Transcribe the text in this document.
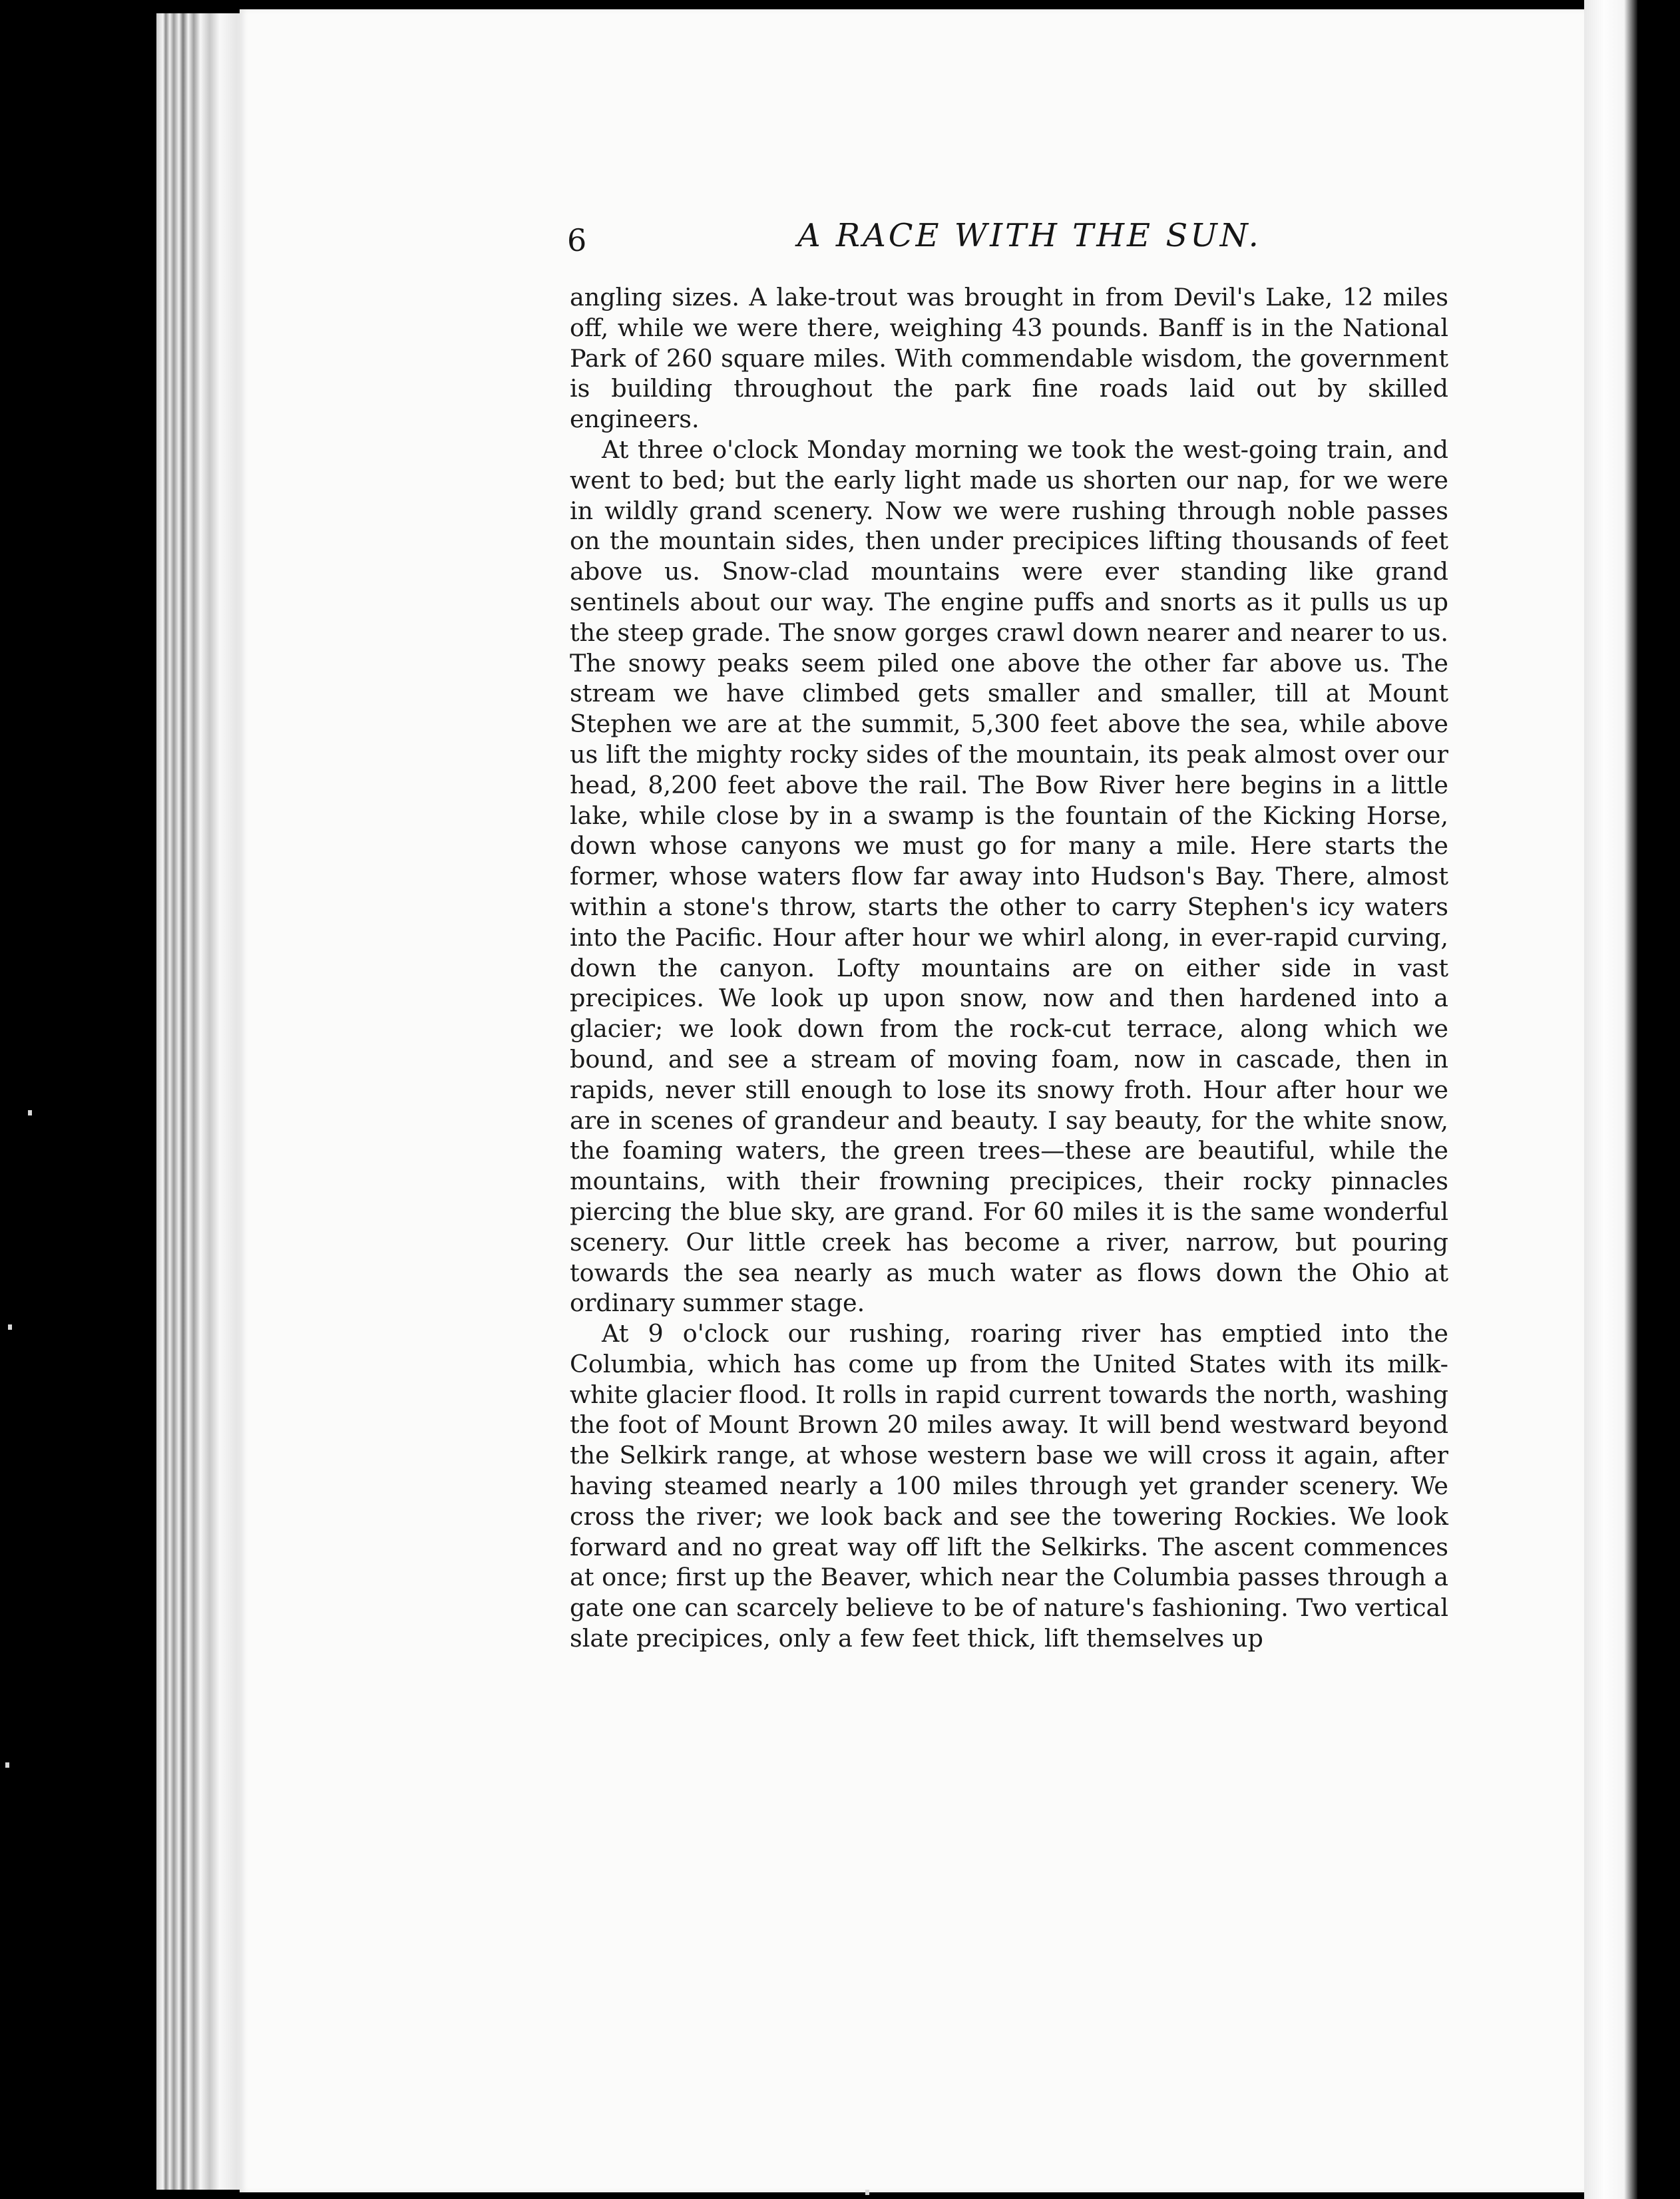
6	A RACE WITH THE SUN.

angling sizes. A lake-trout was brought in from Devil's Lake, 12 miles off, while we were there, weighing 43 pounds. Banff is in the National Park of 260 square miles. With commendable wisdom, the government is building throughout the park fine roads laid out by skilled engineers.

At three o'clock Monday morning we took the west-going train, and went to bed; but the early light made us shorten our nap, for we were in wildly grand scenery. Now we were rushing through noble passes on the mountain sides, then under precipices lifting thousands of feet above us. Snow-clad mountains were ever standing like grand sentinels about our way. The engine puffs and snorts as it pulls us up the steep grade. The snow gorges crawl down nearer and nearer to us. The snowy peaks seem piled one above the other far above us. The stream we have climbed gets smaller and smaller, till at Mount Stephen we are at the summit, 5,300 feet above the sea, while above us lift the mighty rocky sides of the mountain, its peak almost over our head, 8,200 feet above the rail. The Bow River here begins in a little lake, while close by in a swamp is the fountain of the Kicking Horse, down whose canyons we must go for many a mile. Here starts the former, whose waters flow far away into Hudson's Bay. There, almost within a stone's throw, starts the other to carry Stephen's icy waters into the Pacific. Hour after hour we whirl along, in ever-rapid curving, down the canyon. Lofty mountains are on either side in vast precipices. We look up upon snow, now and then hardened into a glacier; we look down from the rock-cut terrace, along which we bound, and see a stream of moving foam, now in cascade, then in rapids, never still enough to lose its snowy froth. Hour after hour we are in scenes of grandeur and beauty. I say beauty, for the white snow, the foaming waters, the green trees—these are beautiful, while the mountains, with their frowning precipices, their rocky pinnacles piercing the blue sky, are grand. For 60 miles it is the same wonderful scenery. Our little creek has become a river, narrow, but pouring towards the sea nearly as much water as flows down the Ohio at ordinary summer stage.

At 9 o'clock our rushing, roaring river has emptied into the Columbia, which has come up from the United States with its milk-white glacier flood. It rolls in rapid current towards the north, washing the foot of Mount Brown 20 miles away. It will bend westward beyond the Selkirk range, at whose western base we will cross it again, after having steamed nearly a 100 miles through yet grander scenery. We cross the river; we look back and see the towering Rockies. We look forward and no great way off lift the Selkirks. The ascent commences at once; first up the Beaver, which near the Columbia passes through a gate one can scarcely believe to be of nature's fashioning. Two vertical slate precipices, only a few feet thick, lift themselves up
